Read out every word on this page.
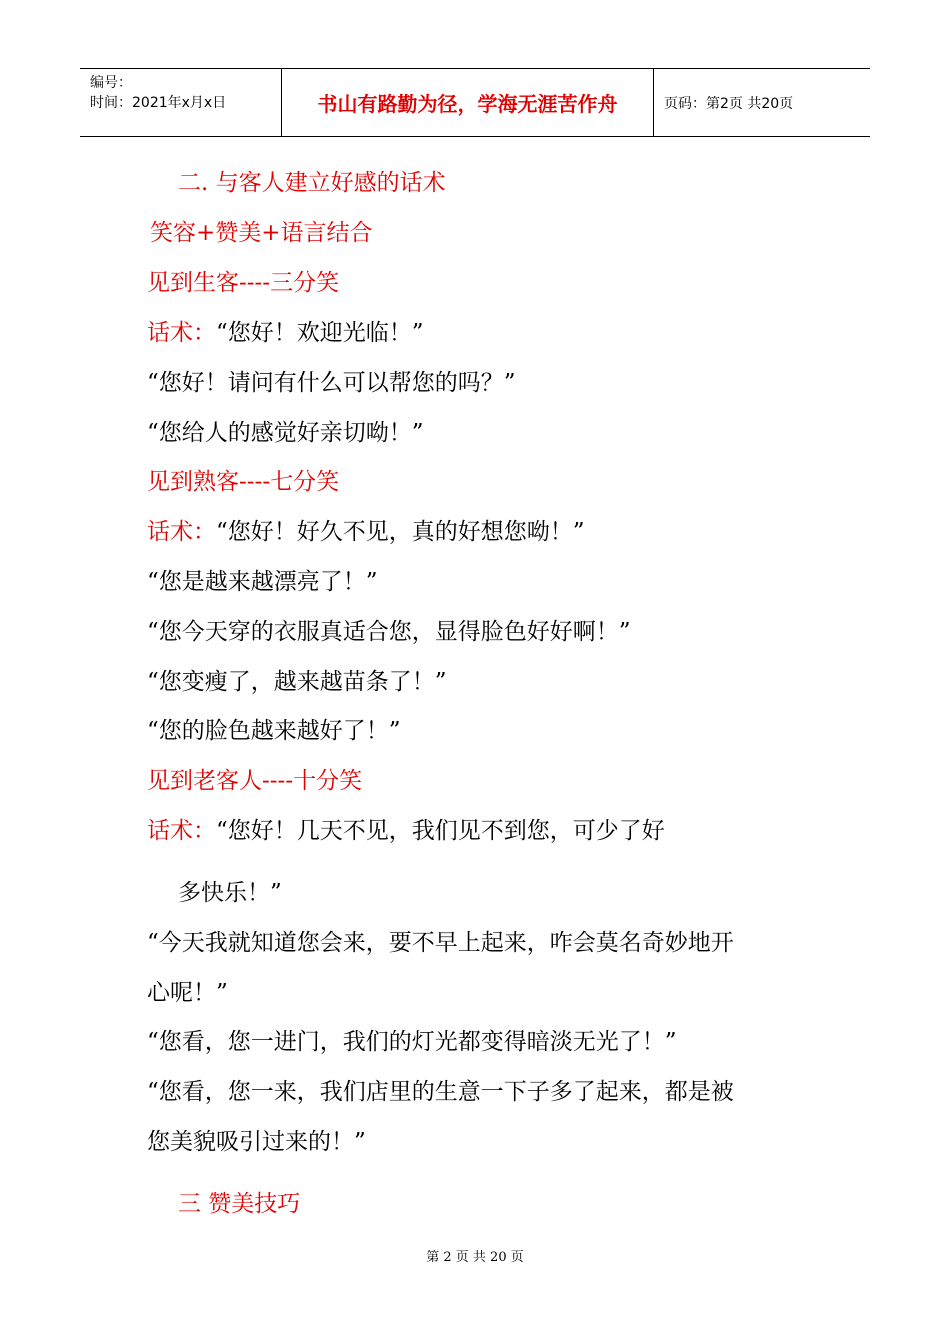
编号：
时间：2021年x月x日	书山有路勤为径，学海无涯苦作舟	页码：第2页 共20页
二. 与客人建立好感的话术
笑容+赞美+语言结合
见到生客----三分笑
话术：“您好！欢迎光临！”
“您好！请问有什么可以帮您的吗？”
“您给人的感觉好亲切呦！”
见到熟客----七分笑
话术：“您好！好久不见，真的好想您呦！”
“您是越来越漂亮了！”
“您今天穿的衣服真适合您，显得脸色好好啊！”
“您变瘦了，越来越苗条了！”
“您的脸色越来越好了！”
见到老客人----十分笑
话术：“您好！几天不见，我们见不到您，可少了好
多快乐！”
“今天我就知道您会来，要不早上起来，咋会莫名奇妙地开
心呢！”
“您看，您一进门，我们的灯光都变得暗淡无光了！”
“您看，您一来，我们店里的生意一下子多了起来，都是被
您美貌吸引过来的！”
三 赞美技巧
第 2 页 共 20 页
